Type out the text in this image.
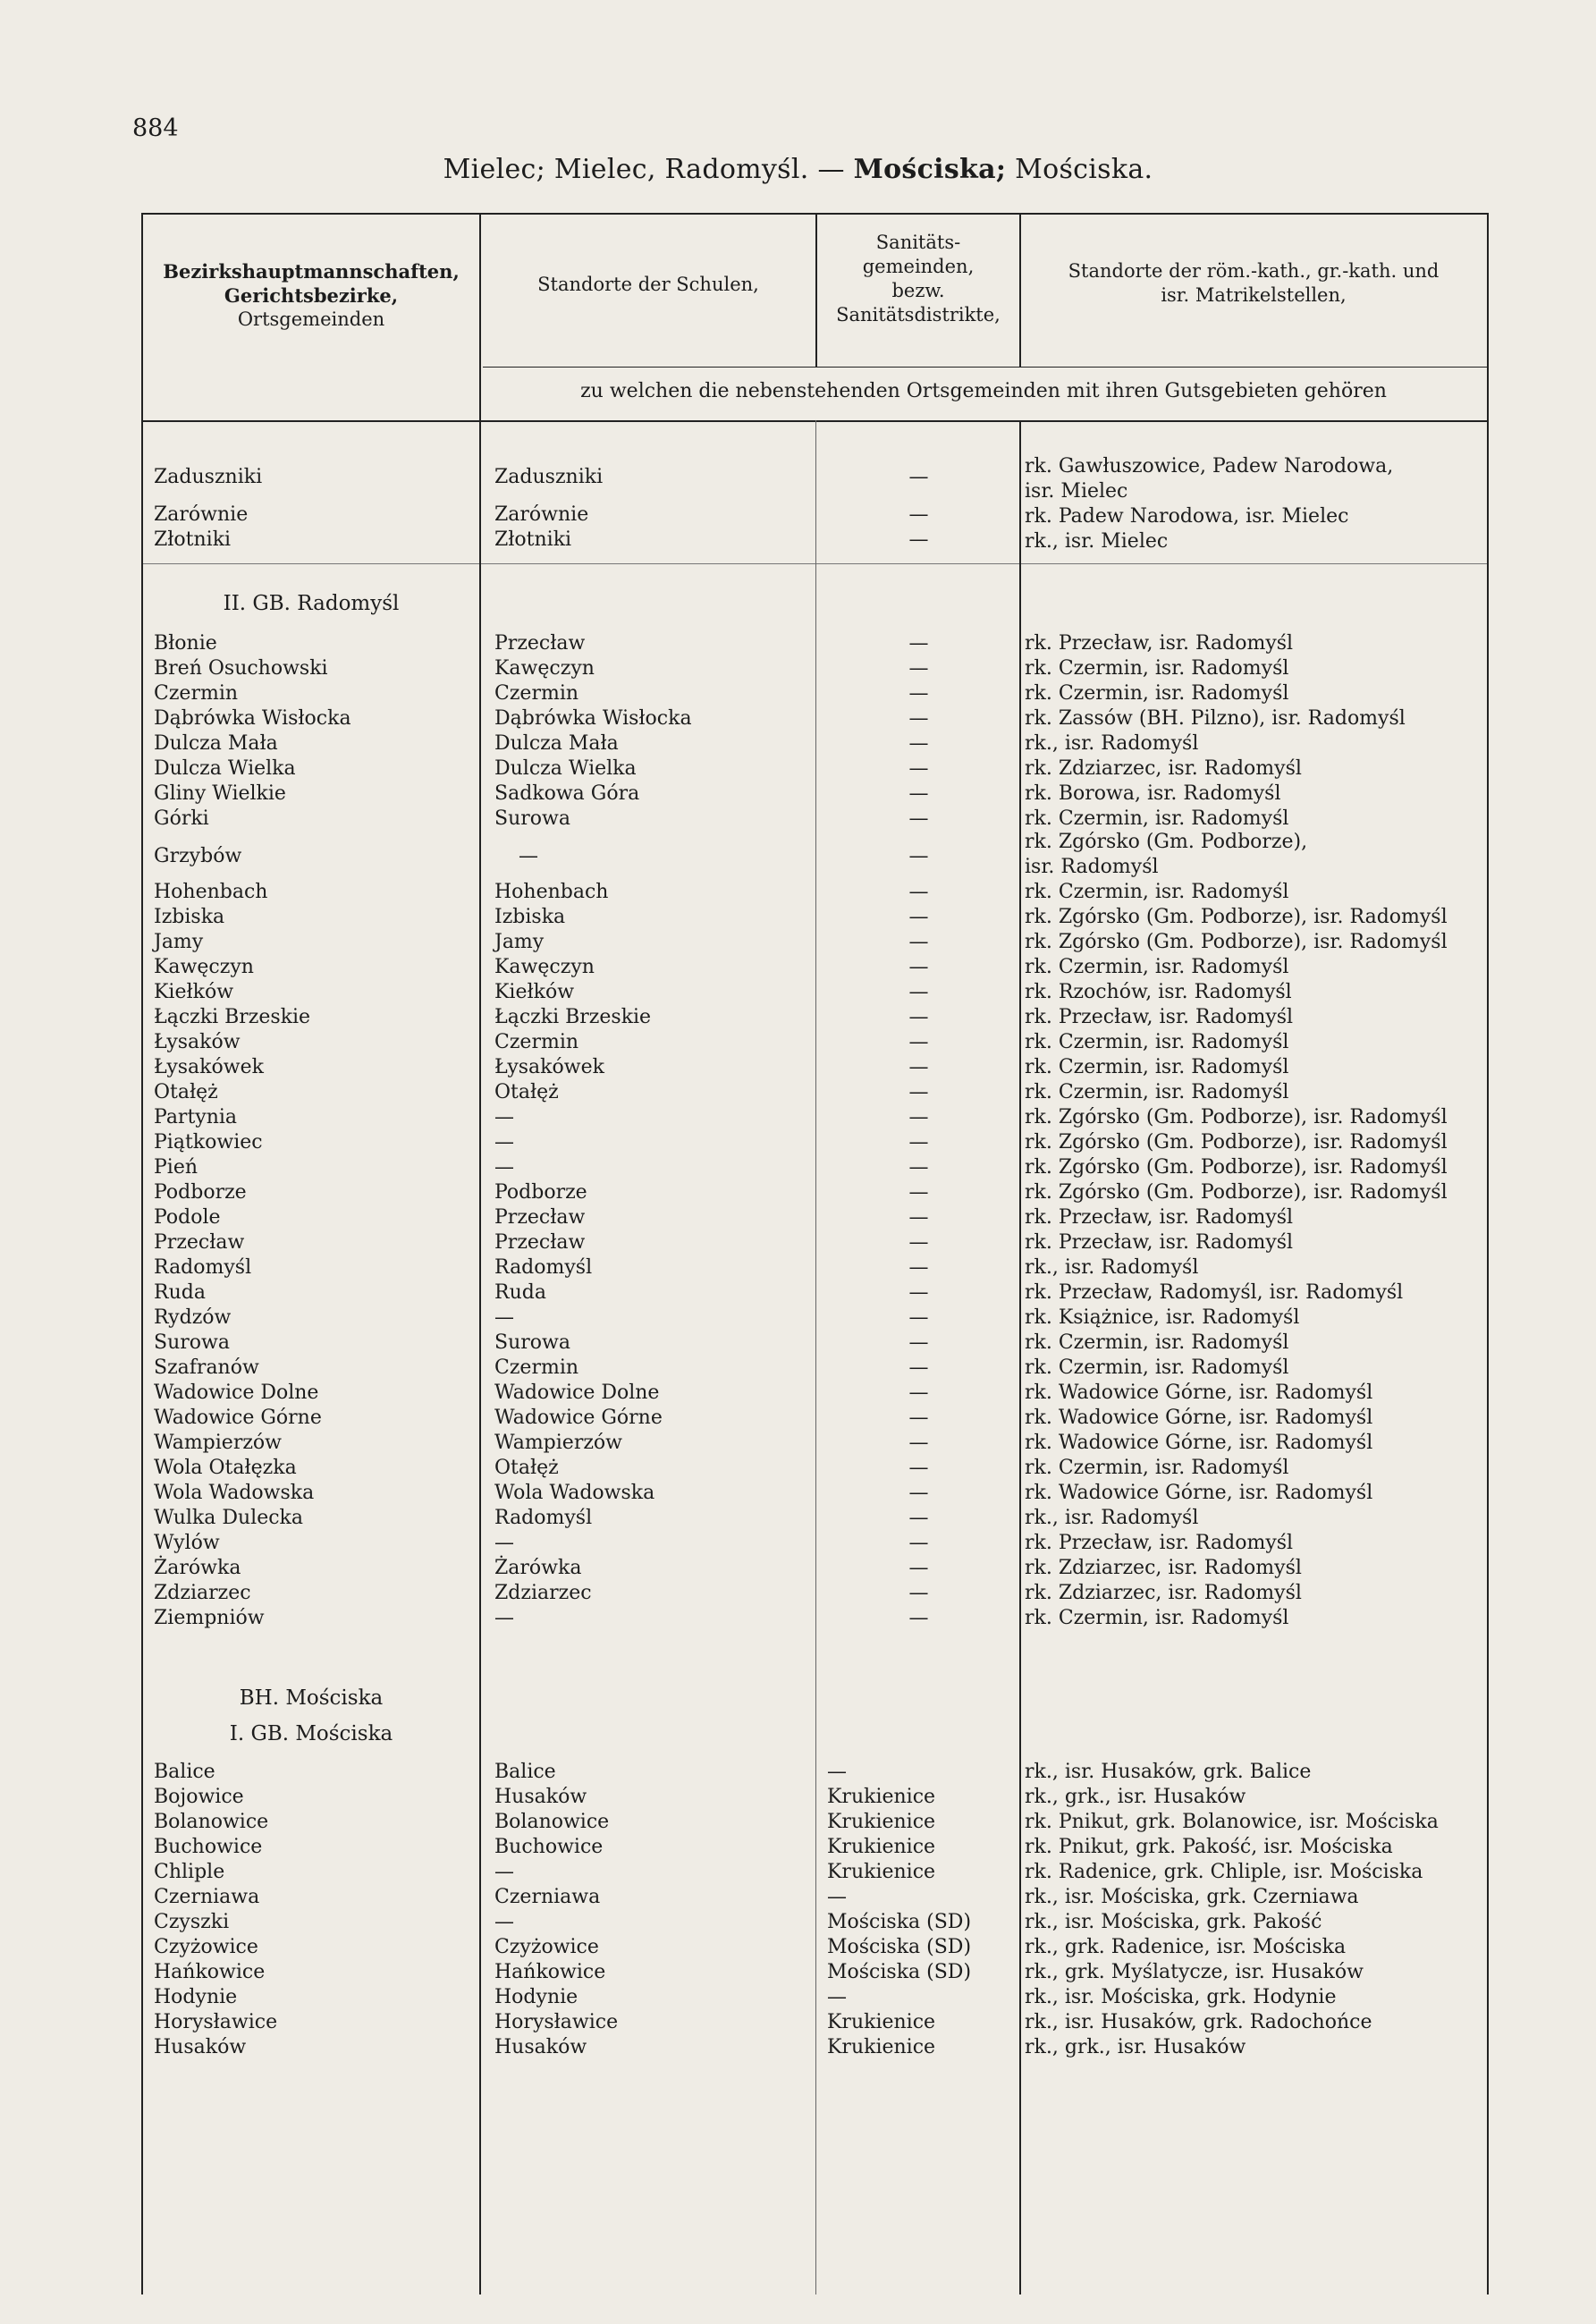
884
Mielec; Mielec, Radomyśl. — Mościska; Mościska.
Bezirkshauptmannschaften,
Gerichtsbezirke,
Ortsgemeinden
Standorte der Schulen,
Sanitäts-
gemeinden,
bezw.
Sanitätsdistrikte,
Standorte der röm.-kath., gr.-kath. und
isr. Matrikelstellen,
zu welchen die nebenstehenden Ortsgemeinden mit ihren Gutsgebieten gehören
Zaduszniki
Zarównie
Złotniki
Zaduszniki
Zarównie
Złotniki
—
—
—
rk. Gawłuszowice, Padew Narodowa,
isr. Mielec
rk. Padew Narodowa, isr. Mielec
rk., isr. Mielec
II. GB. Radomyśl
Błonie
Breń Osuchowski
Czermin
Dąbrówka Wisłocka
Dulcza Mała
Dulcza Wielka
Gliny Wielkie
Górki
Przecław
Kawęczyn
Czermin
Dąbrówka Wisłocka
Dulcza Mała
Dulcza Wielka
Sadkowa Góra
Surowa
—
—
—
—
—
—
—
—
rk. Przecław, isr. Radomyśl
rk. Czermin, isr. Radomyśl
rk. Czermin, isr. Radomyśl
rk. Zassów (BH. Pilzno), isr. Radomyśl
rk., isr. Radomyśl
rk. Zdziarzec, isr. Radomyśl
rk. Borowa, isr. Radomyśl
rk. Czermin, isr. Radomyśl
Grzybów	—	—
rk. Zgórsko (Gm. Podborze),
isr. Radomyśl
Hohenbach
Izbiska
Jamy
Kawęczyn
Kiełków
Łączki Brzeskie
Łysaków
Łysakówek
Otałęż
Partynia
Piątkowiec
Pień
Podborze
Podole
Przecław
Radomyśl
Ruda
Rydzów
Surowa
Szafranów
Wadowice Dolne
Wadowice Górne
Wampierzów
Wola Otałęzka
Wola Wadowska
Wulka Dulecka
Wylów
Żarówka
Zdziarzec
Ziempniów
Hohenbach
Izbiska
Jamy
Kawęczyn
Kiełków
Łączki Brzeskie
Czermin
Łysakówek
Otałęż
—
—
—
Podborze
Przecław
Przecław
Radomyśl
Ruda
—
Surowa
Czermin
Wadowice Dolne
Wadowice Górne
Wampierzów
Otałęż
Wola Wadowska
Radomyśl
—
Żarówka
Zdziarzec
—
—
—
—
—
—
—
—
—
—
—
—
—
—
—
—
—
—
—
—
—
—
—
—
—
—
—
—
—
—
—
rk. Czermin, isr. Radomyśl
rk. Zgórsko (Gm. Podborze), isr. Radomyśl
rk. Zgórsko (Gm. Podborze), isr. Radomyśl
rk. Czermin, isr. Radomyśl
rk. Rzochów, isr. Radomyśl
rk. Przecław, isr. Radomyśl
rk. Czermin, isr. Radomyśl
rk. Czermin, isr. Radomyśl
rk. Czermin, isr. Radomyśl
rk. Zgórsko (Gm. Podborze), isr. Radomyśl
rk. Zgórsko (Gm. Podborze), isr. Radomyśl
rk. Zgórsko (Gm. Podborze), isr. Radomyśl
rk. Zgórsko (Gm. Podborze), isr. Radomyśl
rk. Przecław, isr. Radomyśl
rk. Przecław, isr. Radomyśl
rk., isr. Radomyśl
rk. Przecław, Radomyśl, isr. Radomyśl
rk. Książnice, isr. Radomyśl
rk. Czermin, isr. Radomyśl
rk. Czermin, isr. Radomyśl
rk. Wadowice Górne, isr. Radomyśl
rk. Wadowice Górne, isr. Radomyśl
rk. Wadowice Górne, isr. Radomyśl
rk. Czermin, isr. Radomyśl
rk. Wadowice Górne, isr. Radomyśl
rk., isr. Radomyśl
rk. Przecław, isr. Radomyśl
rk. Zdziarzec, isr. Radomyśl
rk. Zdziarzec, isr. Radomyśl
rk. Czermin, isr. Radomyśl
BH. Mościska
I. GB. Mościska
Balice
Bojowice
Bolanowice
Buchowice
Chliple
Czerniawa
Czyszki
Czyżowice
Hańkowice
Hodynie
Horysławice
Husaków
Balice
Husaków
Bolanowice
Buchowice
—
Czerniawa
—
Czyżowice
Hańkowice
Hodynie
Horysławice
Husaków
—
Krukienice
Krukienice
Krukienice
Krukienice
—
Mościska (SD)
Mościska (SD)
Mościska (SD)
—
Krukienice
Krukienice
rk., isr. Husaków, grk. Balice
rk., grk., isr. Husaków
rk. Pnikut, grk. Bolanowice, isr. Mościska
rk. Pnikut, grk. Pakość, isr. Mościska
rk. Radenice, grk. Chliple, isr. Mościska
rk., isr. Mościska, grk. Czerniawa
rk., isr. Mościska, grk. Pakość
rk., grk. Radenice, isr. Mościska
rk., grk. Myślatycze, isr. Husaków
rk., isr. Mościska, grk. Hodynie
rk., isr. Husaków, grk. Radochońce
rk., grk., isr. Husaków
